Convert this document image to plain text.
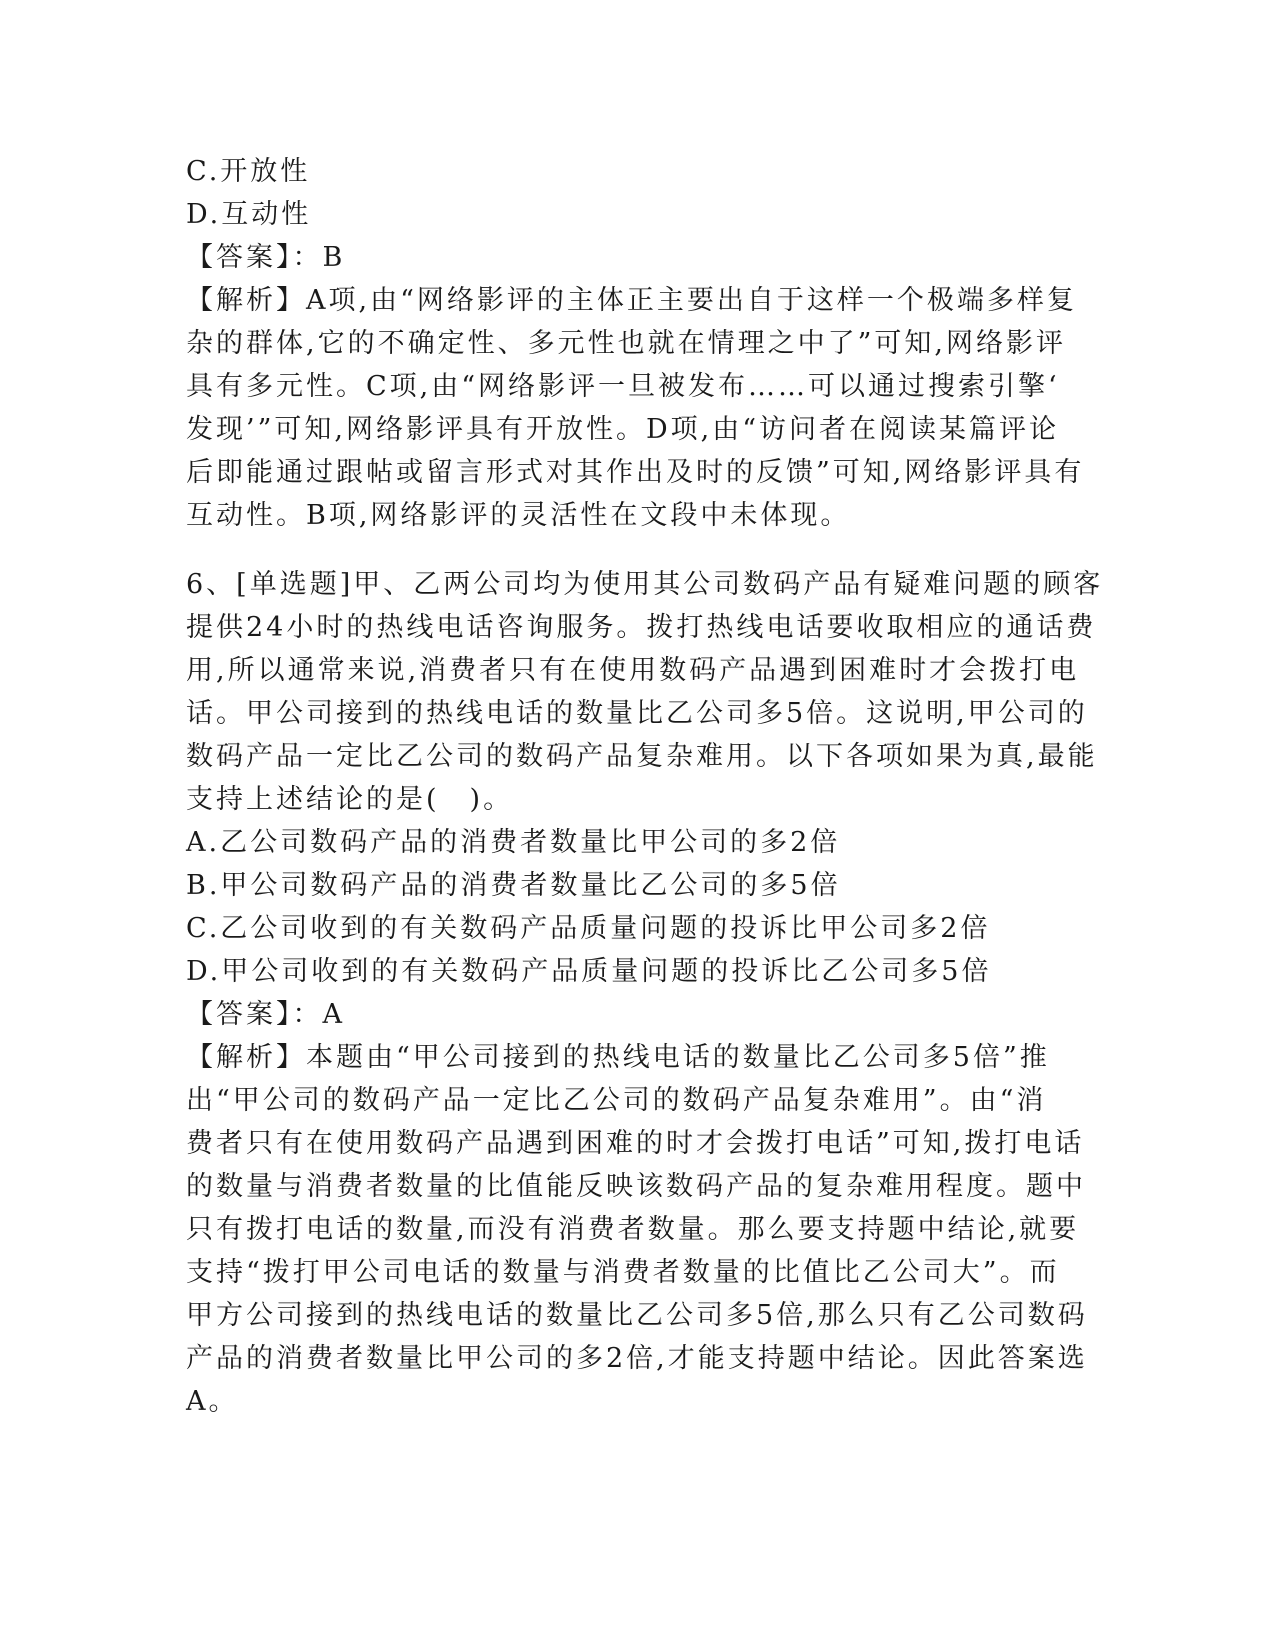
C.开放性

D.互动性

【答案】：B

【解析】A项,由“网络影评的主体正主要出自于这样一个极端多样复

杂的群体,它的不确定性、多元性也就在情理之中了”可知,网络影评

具有多元性。C项,由“网络影评一旦被发布……可以通过搜索引擎‘

发现’”可知,网络影评具有开放性。D项,由“访问者在阅读某篇评论

后即能通过跟帖或留言形式对其作出及时的反馈”可知,网络影评具有

互动性。B项,网络影评的灵活性在文段中未体现。

6、[单选题]甲、乙两公司均为使用其公司数码产品有疑难问题的顾客

提供24小时的热线电话咨询服务。拨打热线电话要收取相应的通话费

用,所以通常来说,消费者只有在使用数码产品遇到困难时才会拨打电

话。甲公司接到的热线电话的数量比乙公司多5倍。这说明,甲公司的

数码产品一定比乙公司的数码产品复杂难用。以下各项如果为真,最能

支持上述结论的是(　)。

A.乙公司数码产品的消费者数量比甲公司的多2倍

B.甲公司数码产品的消费者数量比乙公司的多5倍

C.乙公司收到的有关数码产品质量问题的投诉比甲公司多2倍

D.甲公司收到的有关数码产品质量问题的投诉比乙公司多5倍

【答案】：A

【解析】本题由“甲公司接到的热线电话的数量比乙公司多5倍”推

出“甲公司的数码产品一定比乙公司的数码产品复杂难用”。由“消

费者只有在使用数码产品遇到困难的时才会拨打电话”可知,拨打电话

的数量与消费者数量的比值能反映该数码产品的复杂难用程度。题中

只有拨打电话的数量,而没有消费者数量。那么要支持题中结论,就要

支持“拨打甲公司电话的数量与消费者数量的比值比乙公司大”。而

甲方公司接到的热线电话的数量比乙公司多5倍,那么只有乙公司数码

产品的消费者数量比甲公司的多2倍,才能支持题中结论。因此答案选

A。
